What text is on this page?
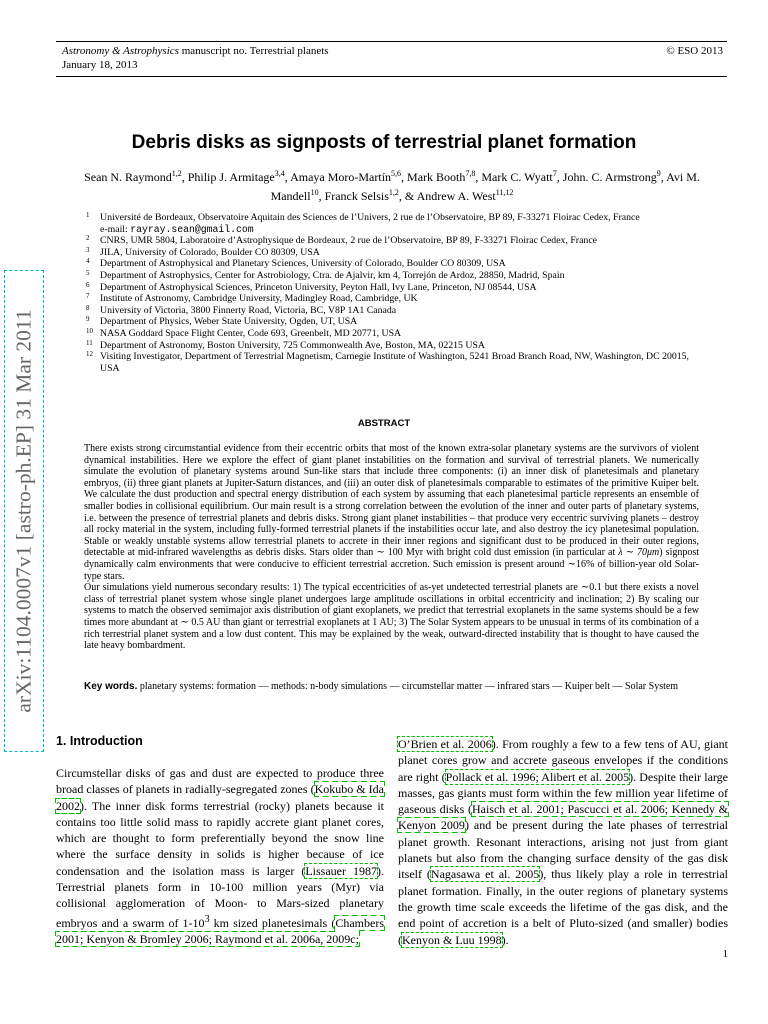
Astronomy & Astrophysics manuscript no. Terrestrial planets	© ESO 2013
January 18, 2013
arXiv:1104.0007v1 [astro-ph.EP] 31 Mar 2011
Debris disks as signposts of terrestrial planet formation
Sean N. Raymond$^{1,2}$, Philip J. Armitage$^{3,4}$, Amaya Moro-Martín$^{5,6}$, Mark Booth$^{7,8}$, Mark C. Wyatt$^7$, John. C. Armstrong$^9$, Avi M. Mandell$^{10}$, Franck Selsis$^{1,2}$, & Andrew A. West$^{11,12}$
1 Université de Bordeaux, Observatoire Aquitain des Sciences de l’Univers, 2 rue de l’Observatoire, BP 89, F-33271 Floirac Cedex, France
e-mail: rayray.sean@gmail.com
2 CNRS, UMR 5804, Laboratoire d’Astrophysique de Bordeaux, 2 rue de l’Observatoire, BP 89, F-33271 Floirac Cedex, France
3 JILA, University of Colorado, Boulder CO 80309, USA
4 Department of Astrophysical and Planetary Sciences, University of Colorado, Boulder CO 80309, USA
5 Department of Astrophysics, Center for Astrobiology, Ctra. de Ajalvir, km 4, Torrejón de Ardoz, 28850, Madrid, Spain
6 Department of Astrophysical Sciences, Princeton University, Peyton Hall, Ivy Lane, Princeton, NJ 08544, USA
7 Institute of Astronomy, Cambridge University, Madingley Road, Cambridge, UK
8 University of Victoria, 3800 Finnerty Road, Victoria, BC, V8P 1A1 Canada
9 Department of Physics, Weber State University, Ogden, UT, USA
10 NASA Goddard Space Flight Center, Code 693, Greenbelt, MD 20771, USA
11 Department of Astronomy, Boston University, 725 Commonwealth Ave, Boston, MA, 02215 USA
12 Visiting Investigator, Department of Terrestrial Magnetism, Carnegie Institute of Washington, 5241 Broad Branch Road, NW, Washington, DC 20015, USA
ABSTRACT

There exists strong circumstantial evidence from their eccentric orbits that most of the known extra-solar planetary systems are the survivors of violent dynamical instabilities. Here we explore the effect of giant planet instabilities on the formation and survival of terrestrial planets. We numerically simulate the evolution of planetary systems around Sun-like stars that include three components: (i) an inner disk of planetesimals and planetary embryos, (ii) three giant planets at Jupiter-Saturn distances, and (iii) an outer disk of planetesimals comparable to estimates of the primitive Kuiper belt. We calculate the dust production and spectral energy distribution of each system by assuming that each planetesimal particle represents an ensemble of smaller bodies in collisional equilibrium. Our main result is a strong correlation between the evolution of the inner and outer parts of planetary systems, i.e. between the presence of terrestrial planets and debris disks. Strong giant planet instabilities – that produce very eccentric surviving planets – destroy all rocky material in the system, including fully-formed terrestrial planets if the instabilities occur late, and also destroy the icy planetesimal population. Stable or weakly unstable systems allow terrestrial planets to accrete in their inner regions and significant dust to be produced in their outer regions, detectable at mid-infrared wavelengths as debris disks. Stars older than ∼ 100 Myr with bright cold dust emission (in particular at λ ∼ 70μm) signpost dynamically calm environments that were conducive to efficient terrestrial accretion. Such emission is present around ∼16% of billion-year old Solar-type stars.

Our simulations yield numerous secondary results: 1) The typical eccentricities of as-yet undetected terrestrial planets are ∼0.1 but there exists a novel class of terrestrial planet system whose single planet undergoes large amplitude oscillations in orbital eccentricity and inclination; 2) By scaling our systems to match the observed semimajor axis distribution of giant exoplanets, we predict that terrestrial exoplanets in the same systems should be a few times more abundant at ∼ 0.5 AU than giant or terrestrial exoplanets at 1 AU; 3) The Solar System appears to be unusual in terms of its combination of a rich terrestrial planet system and a low dust content. This may be explained by the weak, outward-directed instability that is thought to have caused the late heavy bombardment.

Key words. planetary systems: formation — methods: n-body simulations — circumstellar matter — infrared stars — Kuiper belt — Solar System
1. Introduction
Circumstellar disks of gas and dust are expected to produce three broad classes of planets in radially-segregated zones (Kokubo & Ida 2002). The inner disk forms terrestrial (rocky) planets because it contains too little solid mass to rapidly accrete giant planet cores, which are thought to form preferentially beyond the snow line where the surface density in solids is higher because of ice condensation and the isolation mass is larger (Lissauer 1987). Terrestrial planets form in 10-100 million years (Myr) via collisional agglomeration of Moon- to Mars-sized planetary embryos and a swarm of $1-10^3$ km sized planetesimals (Chambers 2001; Kenyon & Bromley 2006; Raymond et al. 2006a, 2009c;
O’Brien et al. 2006). From roughly a few to a few tens of AU, giant planet cores grow and accrete gaseous envelopes if the conditions are right (Pollack et al. 1996; Alibert et al. 2005). Despite their large masses, gas giants must form within the few million year lifetime of gaseous disks (Haisch et al. 2001; Pascucci et al. 2006; Kennedy & Kenyon 2009) and be present during the late phases of terrestrial planet growth. Resonant interactions, arising not just from giant planets but also from the changing surface density of the gas disk itself (Nagasawa et al. 2005), thus likely play a role in terrestrial planet formation. Finally, in the outer regions of planetary systems the growth time scale exceeds the lifetime of the gas disk, and the end point of accretion is a belt of Pluto-sized (and smaller) bodies (Kenyon & Luu 1998).
1
